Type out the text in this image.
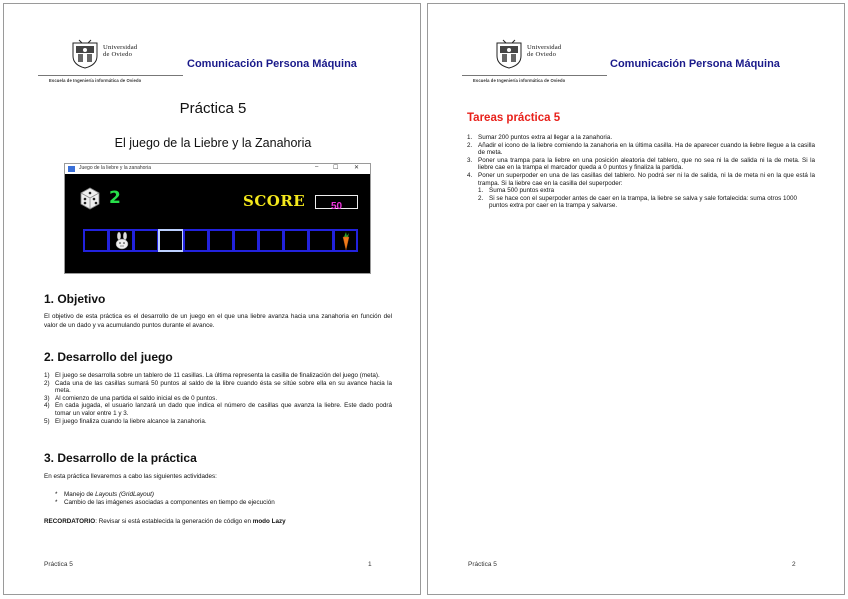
Universidad
de Oviedo
Escuela de Ingeniería informática de Oviedo
Comunicación Persona Máquina
Práctica 5
El juego de la Liebre y la Zanahoria
Juego de la liebre y la zanahoria	– ☐	✕
2	SCORE	50
1. Objetivo
El objetivo de esta práctica es el desarrollo de un juego en el que una liebre avanza hacia una zanahoria en función del valor de un dado y va acumulando puntos durante el avance.
2. Desarrollo del juego
1) El juego se desarrolla sobre un tablero de 11 casillas. La última representa la casilla de finalización del juego (meta).
2) Cada una de las casillas sumará 50 puntos al saldo de la libre cuando ésta se sitúe sobre ella en su avance hacia la meta.
3) Al comienzo de una partida el saldo inicial es de 0 puntos.
4) En cada jugada, el usuario lanzará un dado que indica el número de casillas que avanza la liebre. Este dado podrá tomar un valor entre 1 y 3.
5) El juego finaliza cuando la liebre alcance la zanahoria.
3. Desarrollo de la práctica
En esta práctica llevaremos a cabo las siguientes actividades:
* Manejo de Layouts (GridLayout)
* Cambio de las imágenes asociadas a componentes en tiempo de ejecución
RECORDATORIO: Revisar si está establecida la generación de código en modo Lazy
Práctica 5	1
Universidad
de Oviedo
Escuela de Ingeniería informática de Oviedo
Comunicación Persona Máquina
Tareas práctica 5
1. Sumar 200 puntos extra al llegar a la zanahoria.
2. Añadir el icono de la liebre comiendo la zanahoria en la última casilla. Ha de aparecer cuando la liebre llegue a la casilla de meta.
3. Poner una trampa para la liebre en una posición aleatoria del tablero, que no sea ni la de salida ni la de meta. Si la liebre cae en la trampa el marcador queda a 0 puntos y finaliza la partida.
4. Poner un superpoder en una de las casillas del tablero. No podrá ser ni la de salida, ni la de meta ni en la que está la trampa. Si la liebre cae en la casilla del superpoder:
1. Suma 500 puntos extra
2. Si se hace con el superpoder antes de caer en la trampa, la liebre se salva y sale fortalecida: suma otros 1000 puntos extra por caer en la trampa y salvarse.
Práctica 5	2
